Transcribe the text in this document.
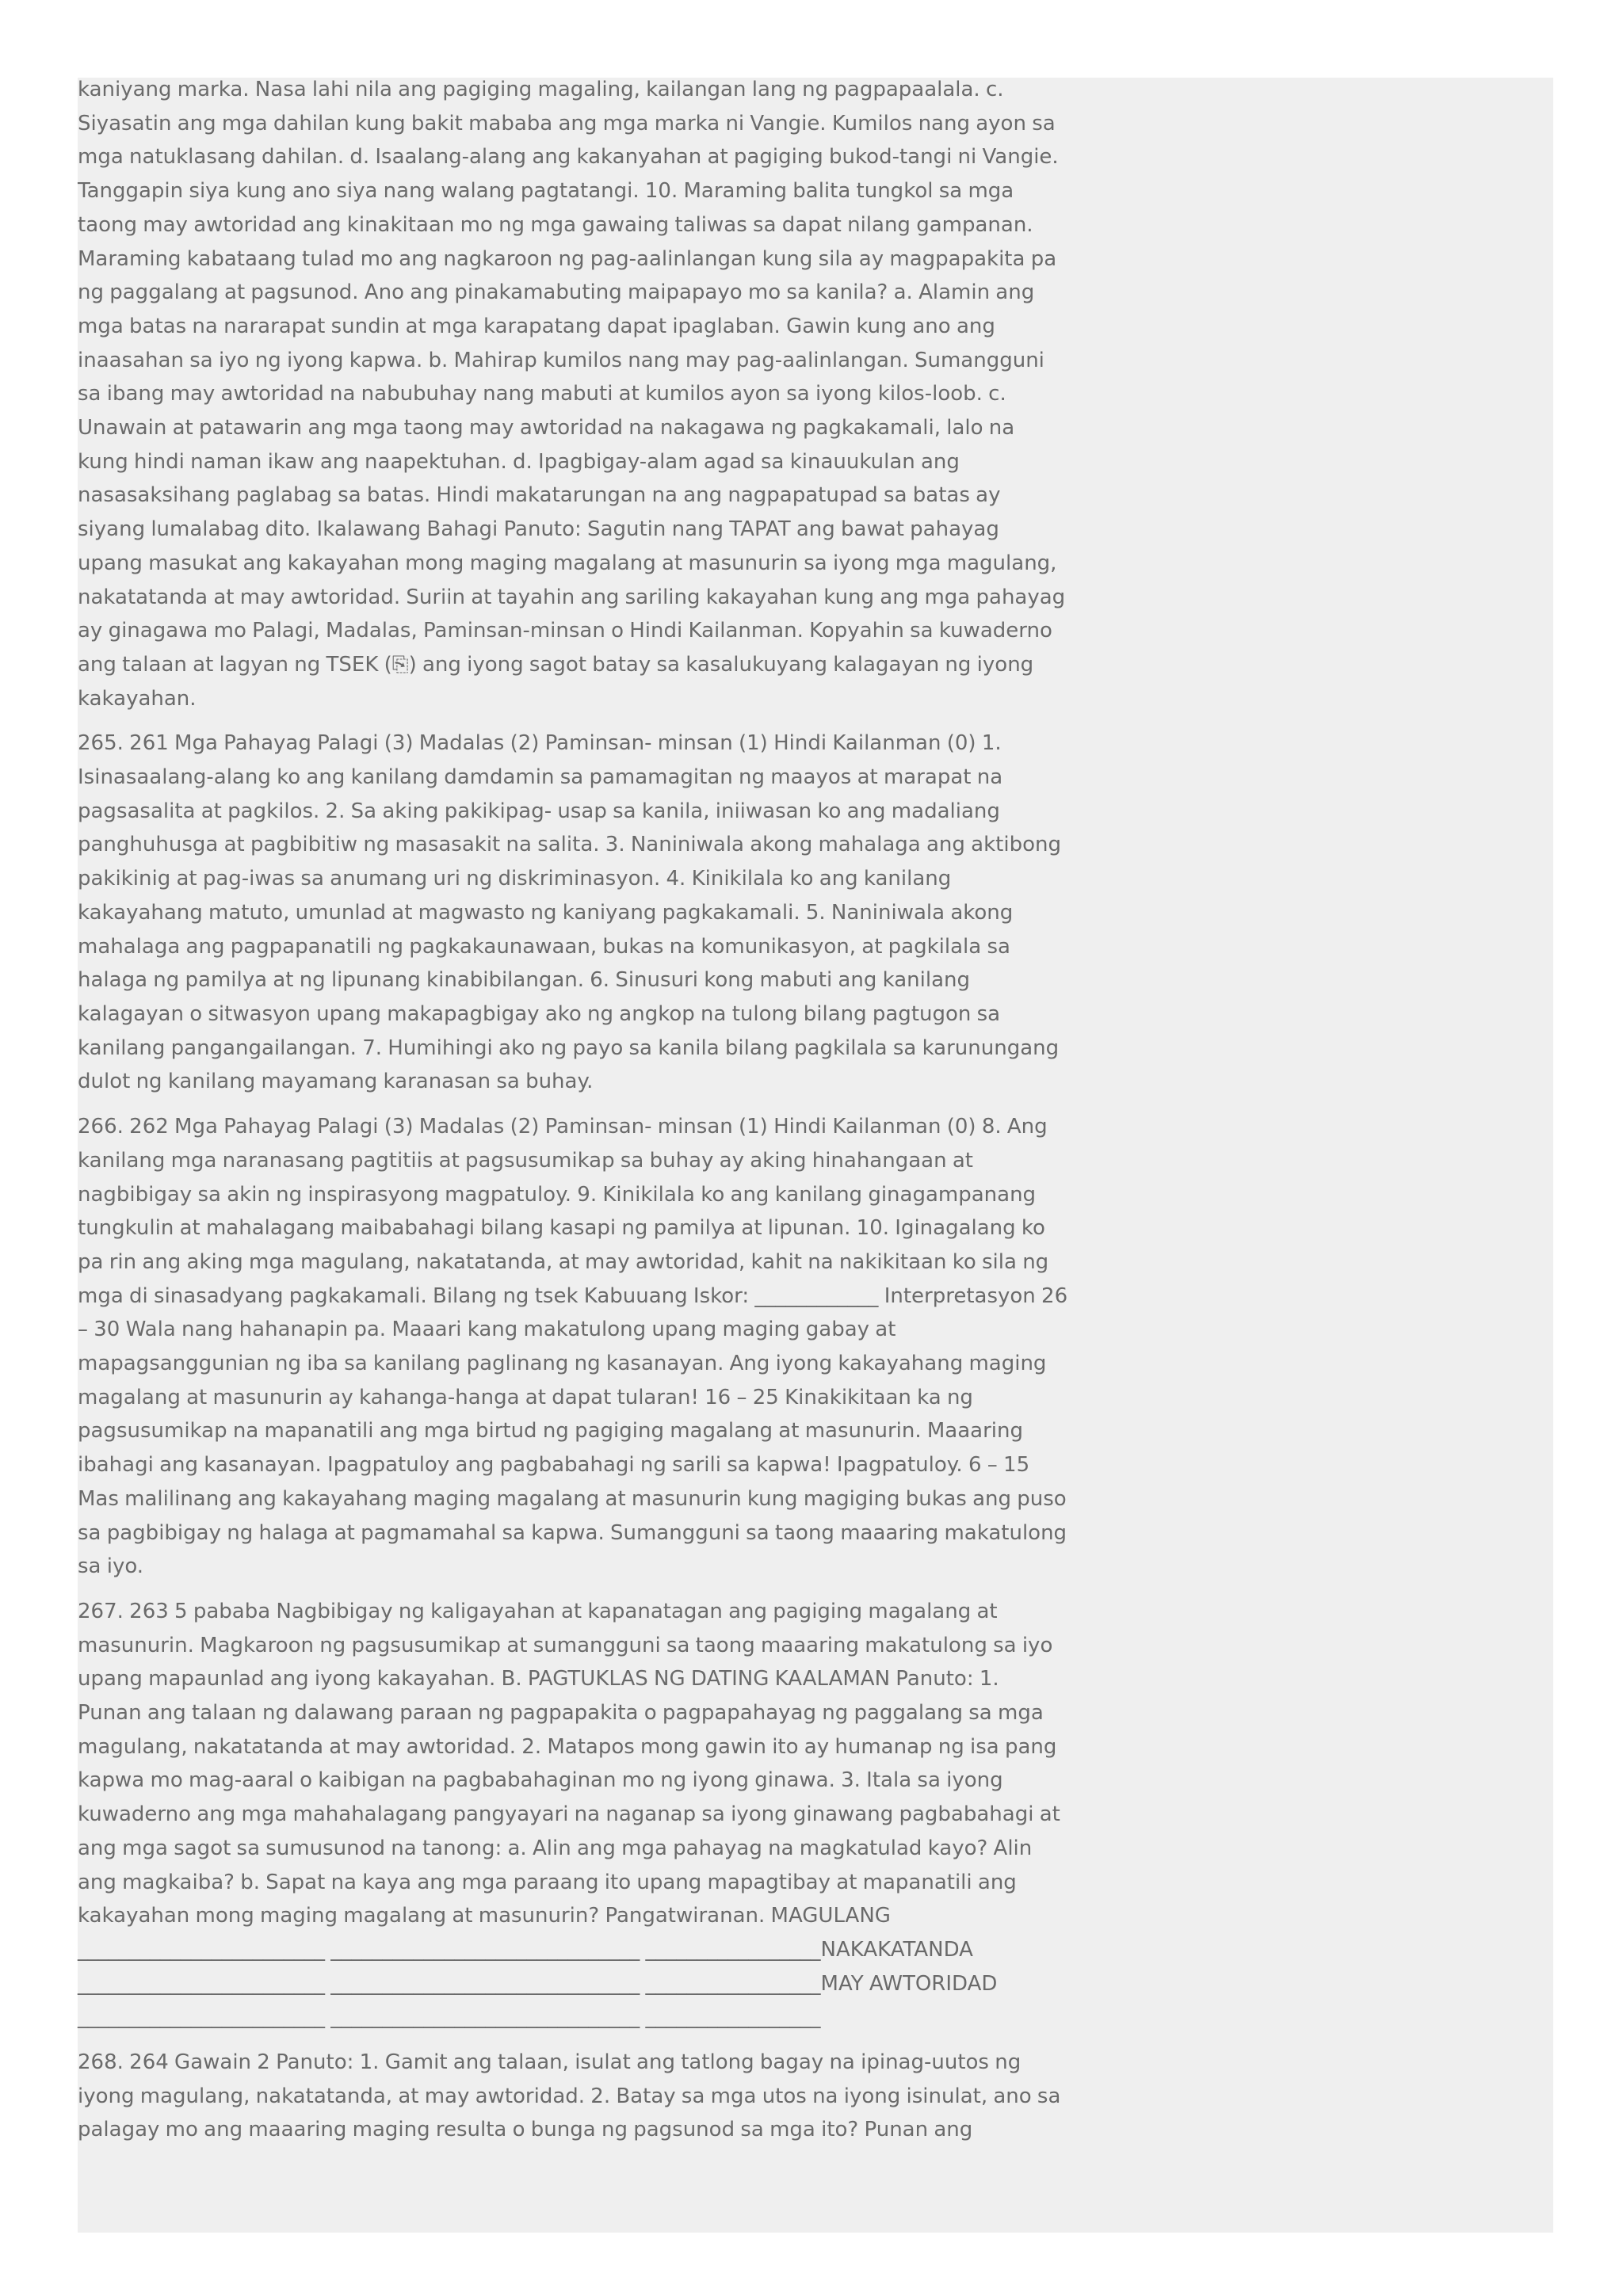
kaniyang marka. Nasa lahi nila ang pagiging magaling, kailangan lang ng pagpapaalala. c. Siyasatin ang mga dahilan kung bakit mababa ang mga marka ni Vangie. Kumilos nang ayon sa mga natuklasang dahilan. d. Isaalang-alang ang kakanyahan at pagiging bukod-tangi ni Vangie. Tanggapin siya kung ano siya nang walang pagtatangi. 10. Maraming balita tungkol sa mga taong may awtoridad ang kinakitaan mo ng mga gawaing taliwas sa dapat nilang gampanan. Maraming kabataang tulad mo ang nagkaroon ng pag-aalinlangan kung sila ay magpapakita pa ng paggalang at pagsunod. Ano ang pinakamabuting maipapayo mo sa kanila? a. Alamin ang mga batas na nararapat sundin at mga karapatang dapat ipaglaban. Gawin kung ano ang inaasahan sa iyo ng iyong kapwa. b. Mahirap kumilos nang may pag-aalinlangan. Sumangguni sa ibang may awtoridad na nabubuhay nang mabuti at kumilos ayon sa iyong kilos-loob. c. Unawain at patawarin ang mga taong may awtoridad na nakagawa ng pagkakamali, lalo na kung hindi naman ikaw ang naapektuhan. d. Ipagbigay-alam agad sa kinauukulan ang nasasaksihang paglabag sa batas. Hindi makatarungan na ang nagpapatupad sa batas ay siyang lumalabag dito. Ikalawang Bahagi Panuto: Sagutin nang TAPAT ang bawat pahayag upang masukat ang kakayahan mong maging magalang at masunurin sa iyong mga magulang, nakatatanda at may awtoridad. Suriin at tayahin ang sariling kakayahan kung ang mga pahayag ay ginagawa mo Palagi, Madalas, Paminsan-minsan o Hindi Kailanman. Kopyahin sa kuwaderno ang talaan at lagyan ng TSEK (⎘) ang iyong sagot batay sa kasalukuyang kalagayan ng iyong kakayahan.

265. 261 Mga Pahayag Palagi (3) Madalas (2) Paminsan- minsan (1) Hindi Kailanman (0) 1. Isinasaalang-alang ko ang kanilang damdamin sa pamamagitan ng maayos at marapat na pagsasalita at pagkilos. 2. Sa aking pakikipag- usap sa kanila, iniiwasan ko ang madaliang panghuhusga at pagbibitiw ng masasakit na salita. 3. Naniniwala akong mahalaga ang aktibong pakikinig at pag-iwas sa anumang uri ng diskriminasyon. 4. Kinikilala ko ang kanilang kakayahang matuto, umunlad at magwasto ng kaniyang pagkakamali. 5. Naniniwala akong mahalaga ang pagpapanatili ng pagkakaunawaan, bukas na komunikasyon, at pagkilala sa halaga ng pamilya at ng lipunang kinabibilangan. 6. Sinusuri kong mabuti ang kanilang kalagayan o sitwasyon upang makapagbigay ako ng angkop na tulong bilang pagtugon sa kanilang pangangailangan. 7. Humihingi ako ng payo sa kanila bilang pagkilala sa karunungang dulot ng kanilang mayamang karanasan sa buhay.

266. 262 Mga Pahayag Palagi (3) Madalas (2) Paminsan- minsan (1) Hindi Kailanman (0) 8. Ang kanilang mga naranasang pagtitiis at pagsusumikap sa buhay ay aking hinahangaan at nagbibigay sa akin ng inspirasyong magpatuloy. 9. Kinikilala ko ang kanilang ginagampanang tungkulin at mahalagang maibabahagi bilang kasapi ng pamilya at lipunan. 10. Iginagalang ko pa rin ang aking mga magulang, nakatatanda, at may awtoridad, kahit na nakikitaan ko sila ng mga di sinasadyang pagkakamali. Bilang ng tsek Kabuuang Iskor: ____________ Interpretasyon 26 – 30 Wala nang hahanapin pa. Maaari kang makatulong upang maging gabay at mapagsanggunian ng iba sa kanilang paglinang ng kasanayan. Ang iyong kakayahang maging magalang at masunurin ay kahanga-hanga at dapat tularan! 16 – 25 Kinakikitaan ka ng pagsusumikap na mapanatili ang mga birtud ng pagiging magalang at masunurin. Maaaring ibahagi ang kasanayan. Ipagpatuloy ang pagbabahagi ng sarili sa kapwa! Ipagpatuloy. 6 – 15 Mas malilinang ang kakayahang maging magalang at masunurin kung magiging bukas ang puso sa pagbibigay ng halaga at pagmamahal sa kapwa. Sumangguni sa taong maaaring makatulong sa iyo.

267. 263 5 pababa Nagbibigay ng kaligayahan at kapanatagan ang pagiging magalang at masunurin. Magkaroon ng pagsusumikap at sumangguni sa taong maaaring makatulong sa iyo upang mapaunlad ang iyong kakayahan. B. PAGTUKLAS NG DATING KAALAMAN Panuto: 1. Punan ang talaan ng dalawang paraan ng pagpapakita o pagpapahayag ng paggalang sa mga magulang, nakatatanda at may awtoridad. 2. Matapos mong gawin ito ay humanap ng isa pang kapwa mo mag-aaral o kaibigan na pagbabahaginan mo ng iyong ginawa. 3. Itala sa iyong kuwaderno ang mga mahahalagang pangyayari na naganap sa iyong ginawang pagbabahagi at ang mga sagot sa sumusunod na tanong: a. Alin ang mga pahayag na magkatulad kayo? Alin ang magkaiba? b. Sapat na kaya ang mga paraang ito upang mapagtibay at mapanatili ang kakayahan mong maging magalang at masunurin? Pangatwiranan. MAGULANG ________________________ ______________________________ _________________NAKAKATANDA ________________________ ______________________________ _________________MAY AWTORIDAD ________________________ ______________________________ _________________

268. 264 Gawain 2 Panuto: 1. Gamit ang talaan, isulat ang tatlong bagay na ipinag-uutos ng iyong magulang, nakatatanda, at may awtoridad. 2. Batay sa mga utos na iyong isinulat, ano sa palagay mo ang maaaring maging resulta o bunga ng pagsunod sa mga ito? Punan ang
